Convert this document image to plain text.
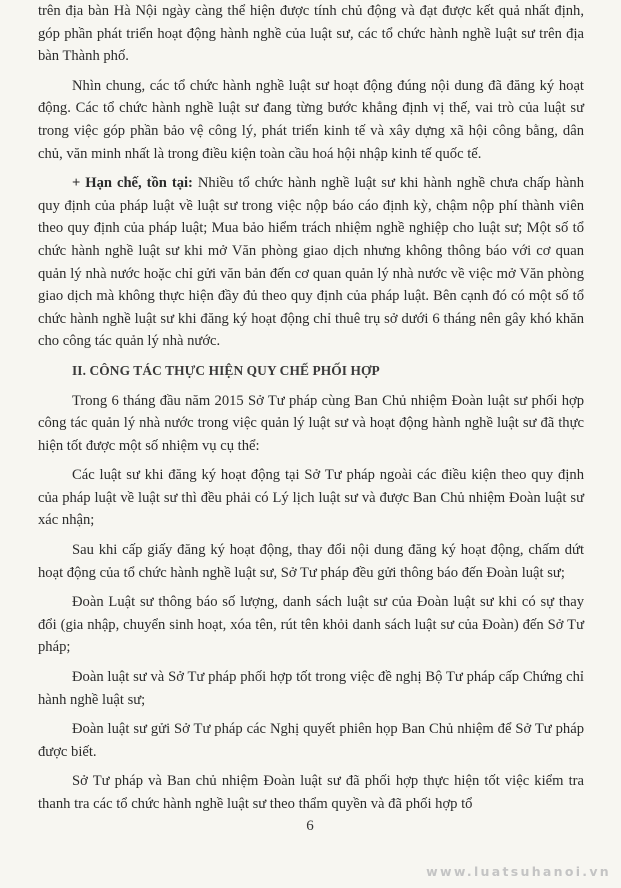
trên địa bàn Hà Nội ngày càng thể hiện được tính chủ động và đạt được kết quả nhất định, góp phần phát triển hoạt động hành nghề của luật sư, các tổ chức hành nghề luật sư trên địa bàn Thành phố.

Nhìn chung, các tổ chức hành nghề luật sư hoạt động đúng nội dung đã đăng ký hoạt động. Các tổ chức hành nghề luật sư đang từng bước khẳng định vị thế, vai trò của luật sư trong việc góp phần bảo vệ công lý, phát triển kinh tế và xây dựng xã hội công bằng, dân chủ, văn minh nhất là trong điều kiện toàn cầu hoá hội nhập kinh tế quốc tế.

+ Hạn chế, tồn tại: Nhiều tổ chức hành nghề luật sư khi hành nghề chưa chấp hành quy định của pháp luật về luật sư trong việc nộp báo cáo định kỳ, chậm nộp phí thành viên theo quy định của pháp luật; Mua bảo hiểm trách nhiệm nghề nghiệp cho luật sư; Một số tổ chức hành nghề luật sư khi mở Văn phòng giao dịch nhưng không thông báo với cơ quan quản lý nhà nước hoặc chỉ gửi văn bản đến cơ quan quản lý nhà nước về việc mở Văn phòng giao dịch mà không thực hiện đầy đủ theo quy định của pháp luật. Bên cạnh đó có một số tổ chức hành nghề luật sư khi đăng ký hoạt động chỉ thuê trụ sở dưới 6 tháng nên gây khó khăn cho công tác quản lý nhà nước.

II. CÔNG TÁC THỰC HIỆN QUY CHẾ PHỐI HỢP

Trong 6 tháng đầu năm 2015 Sở Tư pháp cùng Ban Chủ nhiệm Đoàn luật sư phối hợp công tác quản lý nhà nước trong việc quản lý luật sư và hoạt động hành nghề luật sư đã thực hiện tốt được một số nhiệm vụ cụ thể:

Các luật sư khi đăng ký hoạt động tại Sở Tư pháp ngoài các điều kiện theo quy định của pháp luật về luật sư thì đều phải có Lý lịch luật sư và được Ban Chủ nhiệm Đoàn luật sư xác nhận;

Sau khi cấp giấy đăng ký hoạt động, thay đổi nội dung đăng ký hoạt động, chấm dứt hoạt động của tổ chức hành nghề luật sư, Sở Tư pháp đều gửi thông báo đến Đoàn luật sư;

Đoàn Luật sư thông báo số lượng, danh sách luật sư của Đoàn luật sư khi có sự thay đổi (gia nhập, chuyển sinh hoạt, xóa tên, rút tên khỏi danh sách luật sư của Đoàn) đến Sở Tư pháp;

Đoàn luật sư và Sở Tư pháp phối hợp tốt trong việc đề nghị Bộ Tư pháp cấp Chứng chỉ hành nghề luật sư;

Đoàn luật sư gửi Sở Tư pháp các Nghị quyết phiên họp Ban Chủ nhiệm để Sở Tư pháp được biết.

Sở Tư pháp và Ban chủ nhiệm Đoàn luật sư đã phối hợp thực hiện tốt việc kiểm tra thanh tra các tổ chức hành nghề luật sư theo thẩm quyền và đã phối hợp tổ

6
www.luatsuhanoi.vn
